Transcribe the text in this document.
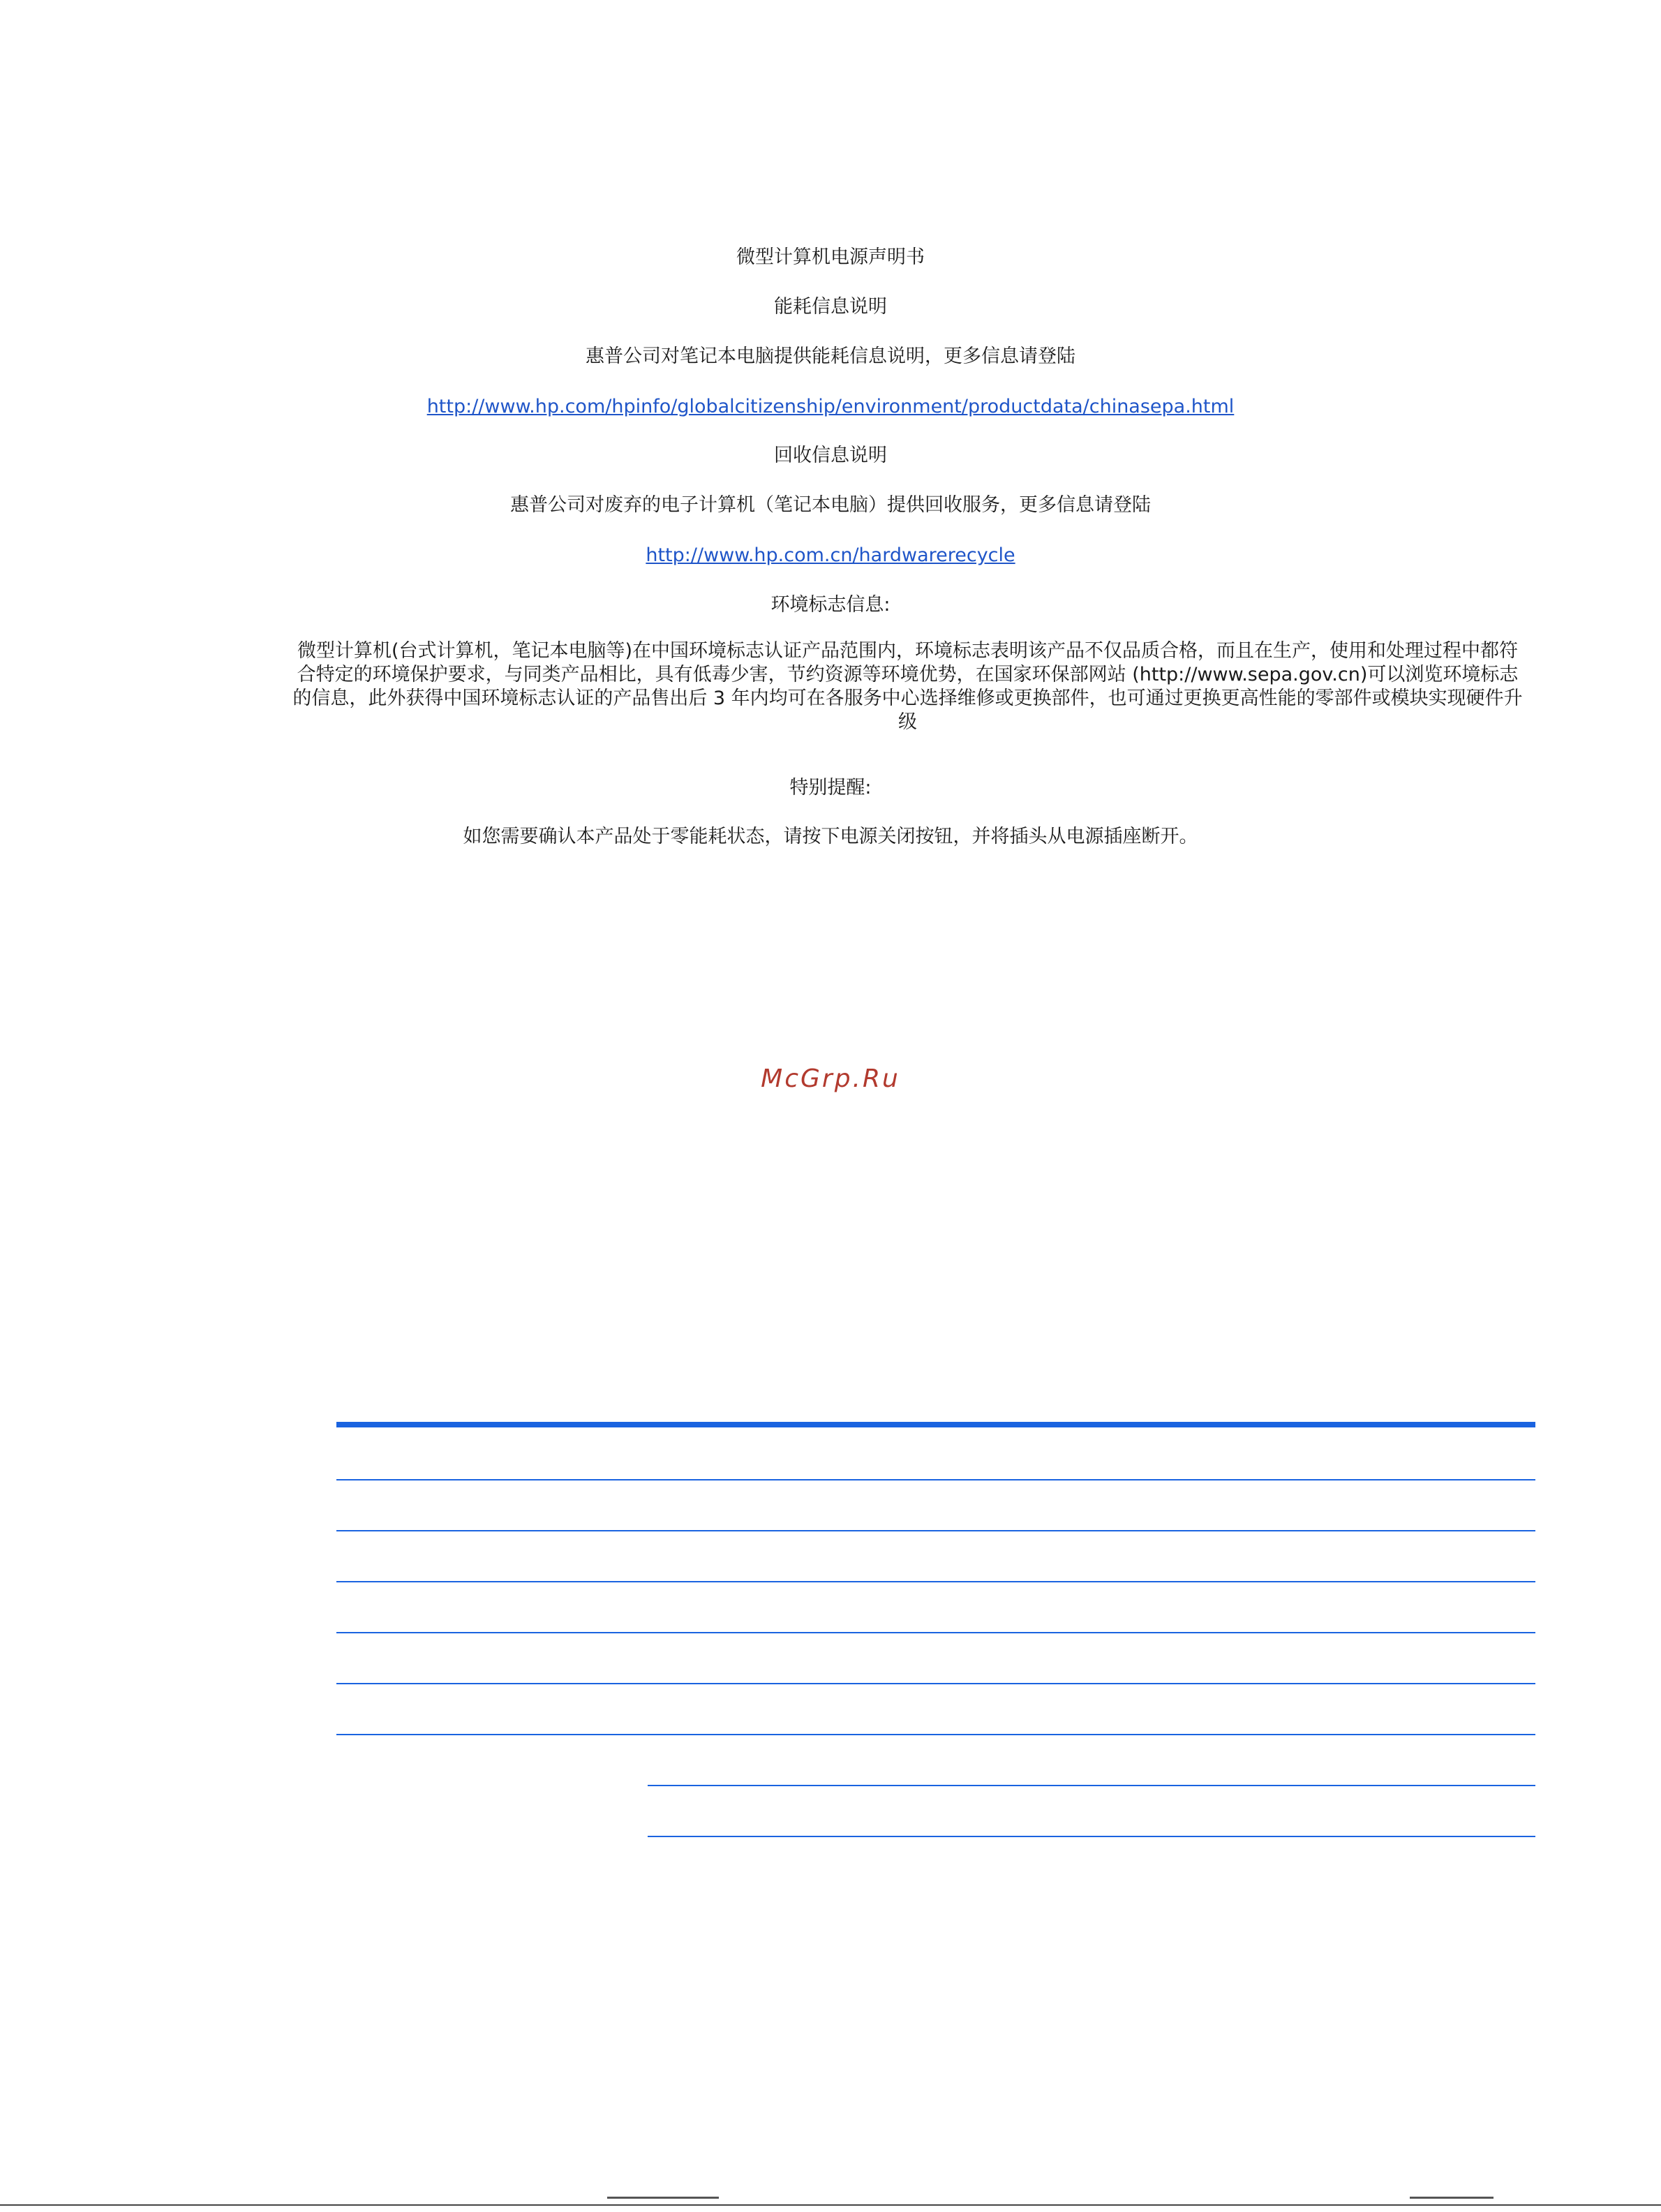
微型计算机电源声明书
能耗信息说明
惠普公司对笔记本电脑提供能耗信息说明，更多信息请登陆
http://www.hp.com/hpinfo/globalcitizenship/environment/productdata/chinasepa.html
回收信息说明
惠普公司对废弃的电子计算机（笔记本电脑）提供回收服务，更多信息请登陆
http://www.hp.com.cn/hardwarerecycle
环境标志信息:
微型计算机(台式计算机，笔记本电脑等)在中国环境标志认证产品范围内，环境标志表明该产品不仅品质合格，而且在生产，使用和处理过程中都符合特定的环境保护要求，与同类产品相比，具有低毒少害，节约资源等环境优势，在国家环保部网站 (http://www.sepa.gov.cn)可以浏览环境标志的信息，此外获得中国环境标志认证的产品售出后 3 年内均可在各服务中心选择维修或更换部件，也可通过更换更高性能的零部件或模块实现硬件升级
特别提醒:
如您需要确认本产品处于零能耗状态，请按下电源关闭按钮，并将插头从电源插座断开。
McGrp.Ru
